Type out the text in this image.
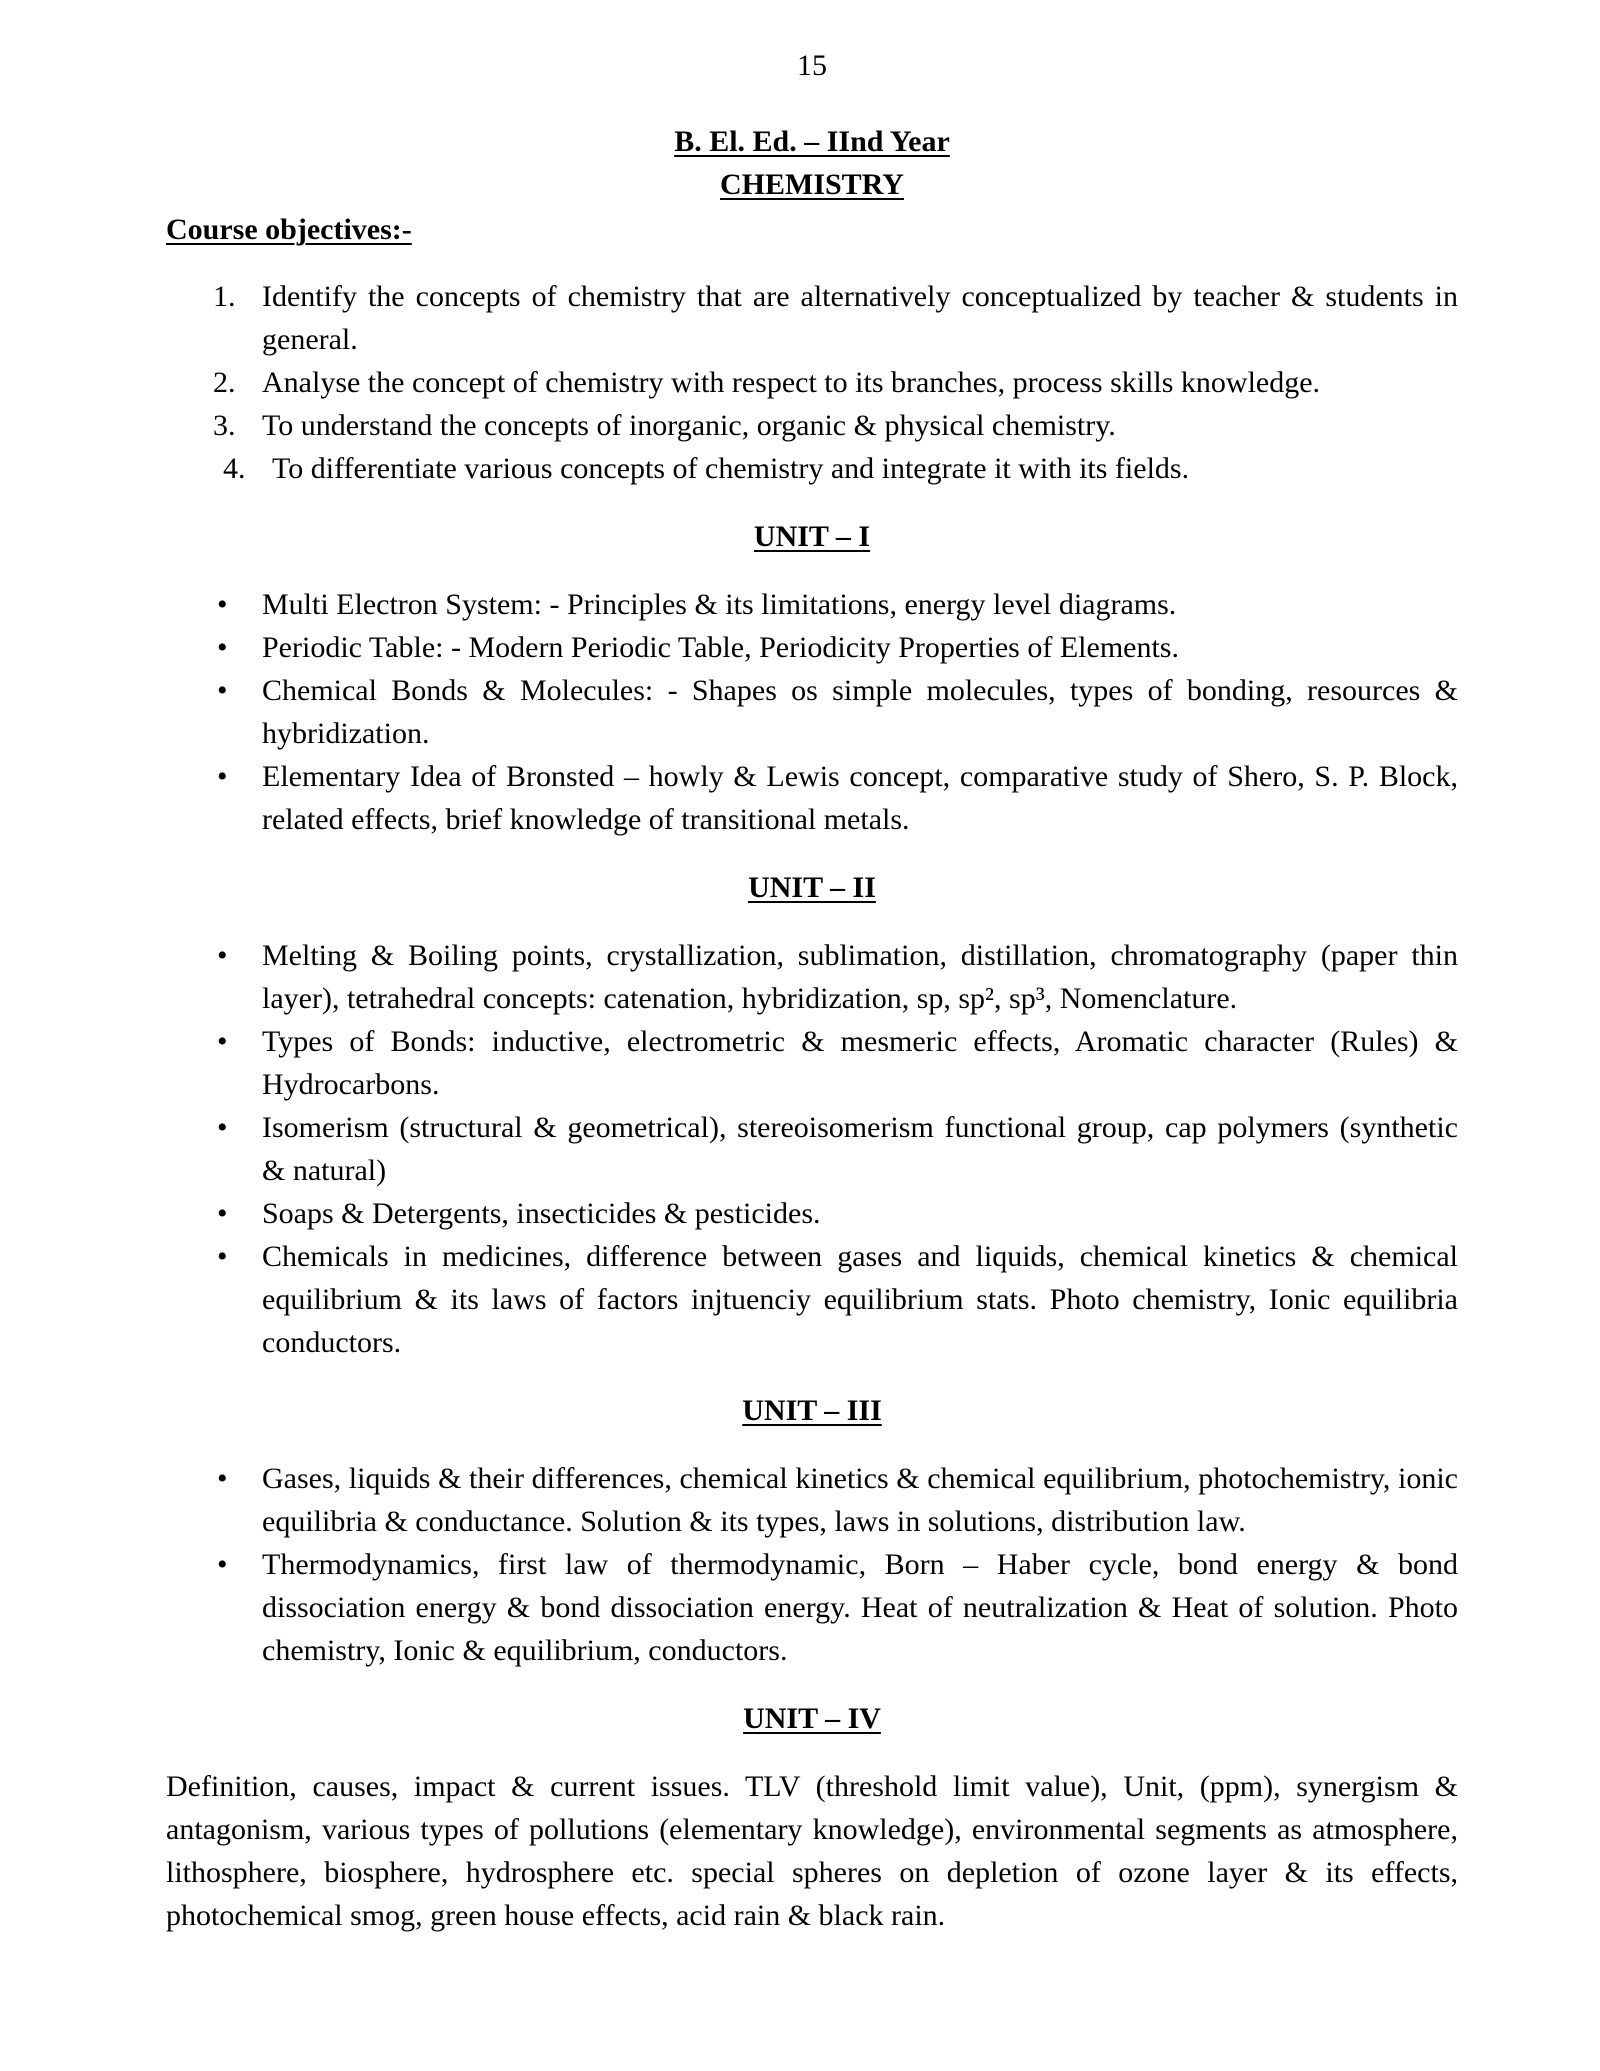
15
B. El. Ed. – IInd Year
CHEMISTRY
Course objectives:-
Identify the concepts of chemistry that are alternatively conceptualized by teacher & students in general.
Analyse the concept of chemistry with respect to its branches, process skills knowledge.
To understand the concepts of inorganic, organic & physical chemistry.
To differentiate various concepts of chemistry and integrate it with its fields.
UNIT – I
• Multi Electron System: - Principles & its limitations, energy level diagrams.
• Periodic Table: - Modern Periodic Table, Periodicity Properties of Elements.
• Chemical Bonds & Molecules: - Shapes os simple molecules, types of bonding, resources & hybridization.
• Elementary Idea of Bronsted – howly & Lewis concept, comparative study of Shero, S. P. Block, related effects, brief knowledge of transitional metals.
UNIT – II
• Melting & Boiling points, crystallization, sublimation, distillation, chromatography (paper thin layer), tetrahedral concepts: catenation, hybridization, sp, sp², sp³, Nomenclature.
• Types of Bonds: inductive, electrometric & mesmeric effects, Aromatic character (Rules) & Hydrocarbons.
• Isomerism (structural & geometrical), stereoisomerism functional group, cap polymers (synthetic & natural)
• Soaps & Detergents, insecticides & pesticides.
• Chemicals in medicines, difference between gases and liquids, chemical kinetics & chemical equilibrium & its laws of factors injtuenciy equilibrium stats. Photo chemistry, Ionic equilibria conductors.
UNIT – III
• Gases, liquids & their differences, chemical kinetics & chemical equilibrium, photochemistry, ionic equilibria & conductance. Solution & its types, laws in solutions, distribution law.
• Thermodynamics, first law of thermodynamic, Born – Haber cycle, bond energy & bond dissociation energy & bond dissociation energy. Heat of neutralization & Heat of solution. Photo chemistry, Ionic & equilibrium, conductors.
UNIT – IV

Definition, causes, impact & current issues. TLV (threshold limit value), Unit, (ppm), synergism & antagonism, various types of pollutions (elementary knowledge), environmental segments as atmosphere, lithosphere, biosphere, hydrosphere etc. special spheres on depletion of ozone layer & its effects, photochemical smog, green house effects, acid rain & black rain.
